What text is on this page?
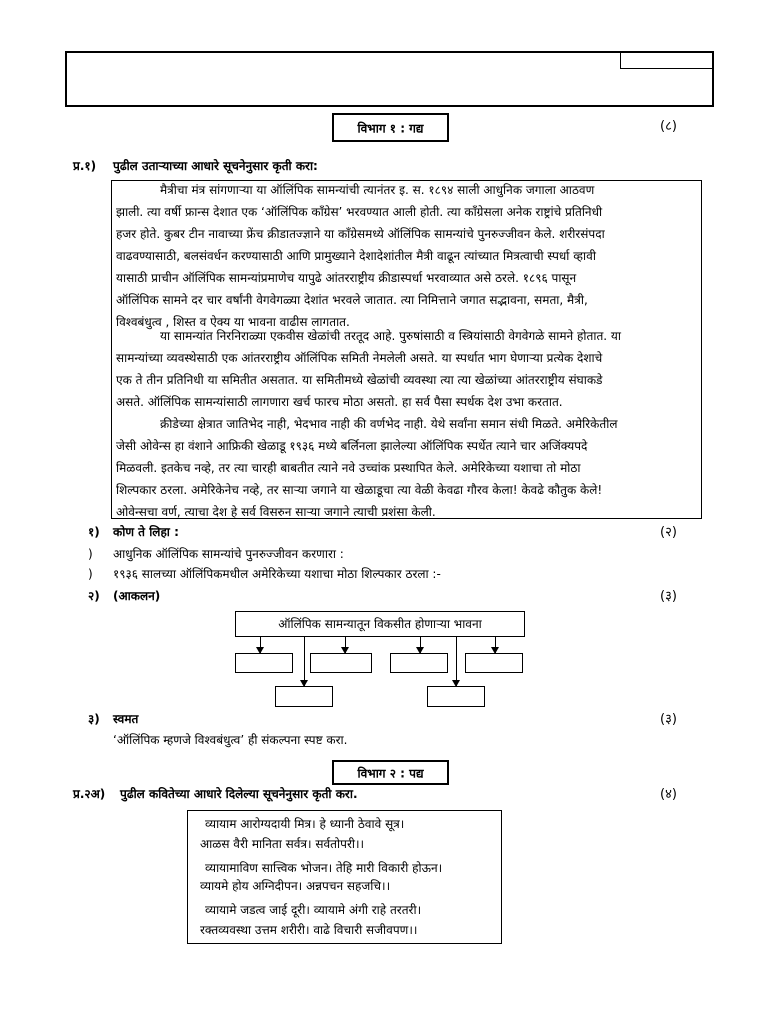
विभाग १ : गद्य	(८)
प्र.१) पुढील उताऱ्याच्या आधारे सूचनेनुसार कृती करा:
मैत्रीचा मंत्र सांगणाऱ्या या ऑलिंपिक सामन्यांची त्यानंतर इ. स. १८९४ साली आधुनिक जगाला आठवण
झाली. त्या वर्षी फ्रान्स देशात एक ‘ऑलिंपिक काँग्रेस’ भरवण्यात आली होती. त्या काँग्रेसला अनेक राष्ट्रांचे प्रतिनिधी
हजर होते. कुबर टीन नावाच्या फ्रेंच क्रीडातज्ज्ञाने या काँग्रेसमध्ये ऑलिंपिक सामन्यांचे पुनरुज्जीवन केले. शरीरसंपदा
वाढवण्यासाठी, बलसंवर्धन करण्यासाठी आणि प्रामुख्याने देशादेशांतील मैत्री वाढून त्यांच्यात मित्रत्वाची स्पर्धा व्हावी
यासाठी प्राचीन ऑलिंपिक सामन्यांप्रमाणेच यापुढे आंतरराष्ट्रीय क्रीडास्पर्धा भरवाव्यात असे ठरले. १८९६ पासून
ऑलिंपिक सामने दर चार वर्षांनी वेगवेगळ्या देशांत भरवले जातात. त्या निमित्ताने जगात सद्भावना, समता, मैत्री,
विश्वबंधुत्व , शिस्त व ऐक्य या भावना वाढीस लागतात.
या सामन्यांत निरनिराळ्या एकवीस खेळांची तरतूद आहे. पुरुषांसाठी व स्त्रियांसाठी वेगवेगळे सामने होतात. या
सामन्यांच्या व्यवस्थेसाठी एक आंतरराष्ट्रीय ऑलिंपिक समिती नेमलेली असते. या स्पर्धात भाग घेणाऱ्या प्रत्येक देशाचे
एक ते तीन प्रतिनिधी या समितीत असतात. या समितीमध्ये खेळांची व्यवस्था त्या त्या खेळांच्या आंतरराष्ट्रीय संघाकडे
असते. ऑलिंपिक सामन्यांसाठी लागणारा खर्च फारच मोठा असतो. हा सर्व पैसा स्पर्धक देश उभा करतात.
क्रीडेच्या क्षेत्रात जातिभेद नाही, भेदभाव नाही की वर्णभेद नाही. येथे सर्वांना समान संधी मिळते. अमेरिकेतील
जेसी ओवेन्स हा वंशाने आफ्रिकी खेळाडू १९३६ मध्ये बर्लिनला झालेल्या ऑलिंपिक स्पर्धेत त्याने चार अजिंक्यपदे
मिळवली. इतकेच नव्हे, तर त्या चारही बाबतीत त्याने नवे उच्चांक प्रस्थापित केले. अमेरिकेच्या यशाचा तो मोठा
शिल्पकार ठरला. अमेरिकेनेच नव्हे, तर साऱ्या जगाने या खेळाडूचा त्या वेळी केवढा गौरव केला! केवढे कौतुक केले!
ओवेन्सचा वर्ण, त्याचा देश हे सर्व विसरुन साऱ्या जगाने त्याची प्रशंसा केली.
१) कोण ते लिहा :	(२)
) आधुनिक ऑलिंपिक सामन्यांचे पुनरुज्जीवन करणारा :
) १९३६ सालच्या ऑलिंपिकमधील अमेरिकेच्या यशाचा मोठा शिल्पकार ठरला :-
२) (आकलन)	(३)
ऑलिंपिक सामन्यातून विकसीत होणाऱ्या भावना
३) स्वमत	(३)
‘ऑलिंपिक म्हणजे विश्वबंधुत्व’ ही संकल्पना स्पष्ट करा.
विभाग २ : पद्य
प्र.२अ) पुढील कवितेच्या आधारे दिलेल्या सूचनेनुसार कृती करा.	(४)
व्यायाम आरोग्यदायी मित्र। हे ध्यानी ठेवावे सूत्र।
आळस वैरी मानिता सर्वत्र। सर्वतोपरी।।
व्यायामाविण सात्त्विक भोजन। तेहि मारी विकारी होऊन।
व्यायमे होय अग्निदीपन। अन्नपचन सहजचि।।
व्यायामे जडत्व जाई दूरी। व्यायामे अंगी राहे तरतरी।
रक्तव्यवस्था उत्तम शरीरी। वाढे विचारी सजीवपण।।
